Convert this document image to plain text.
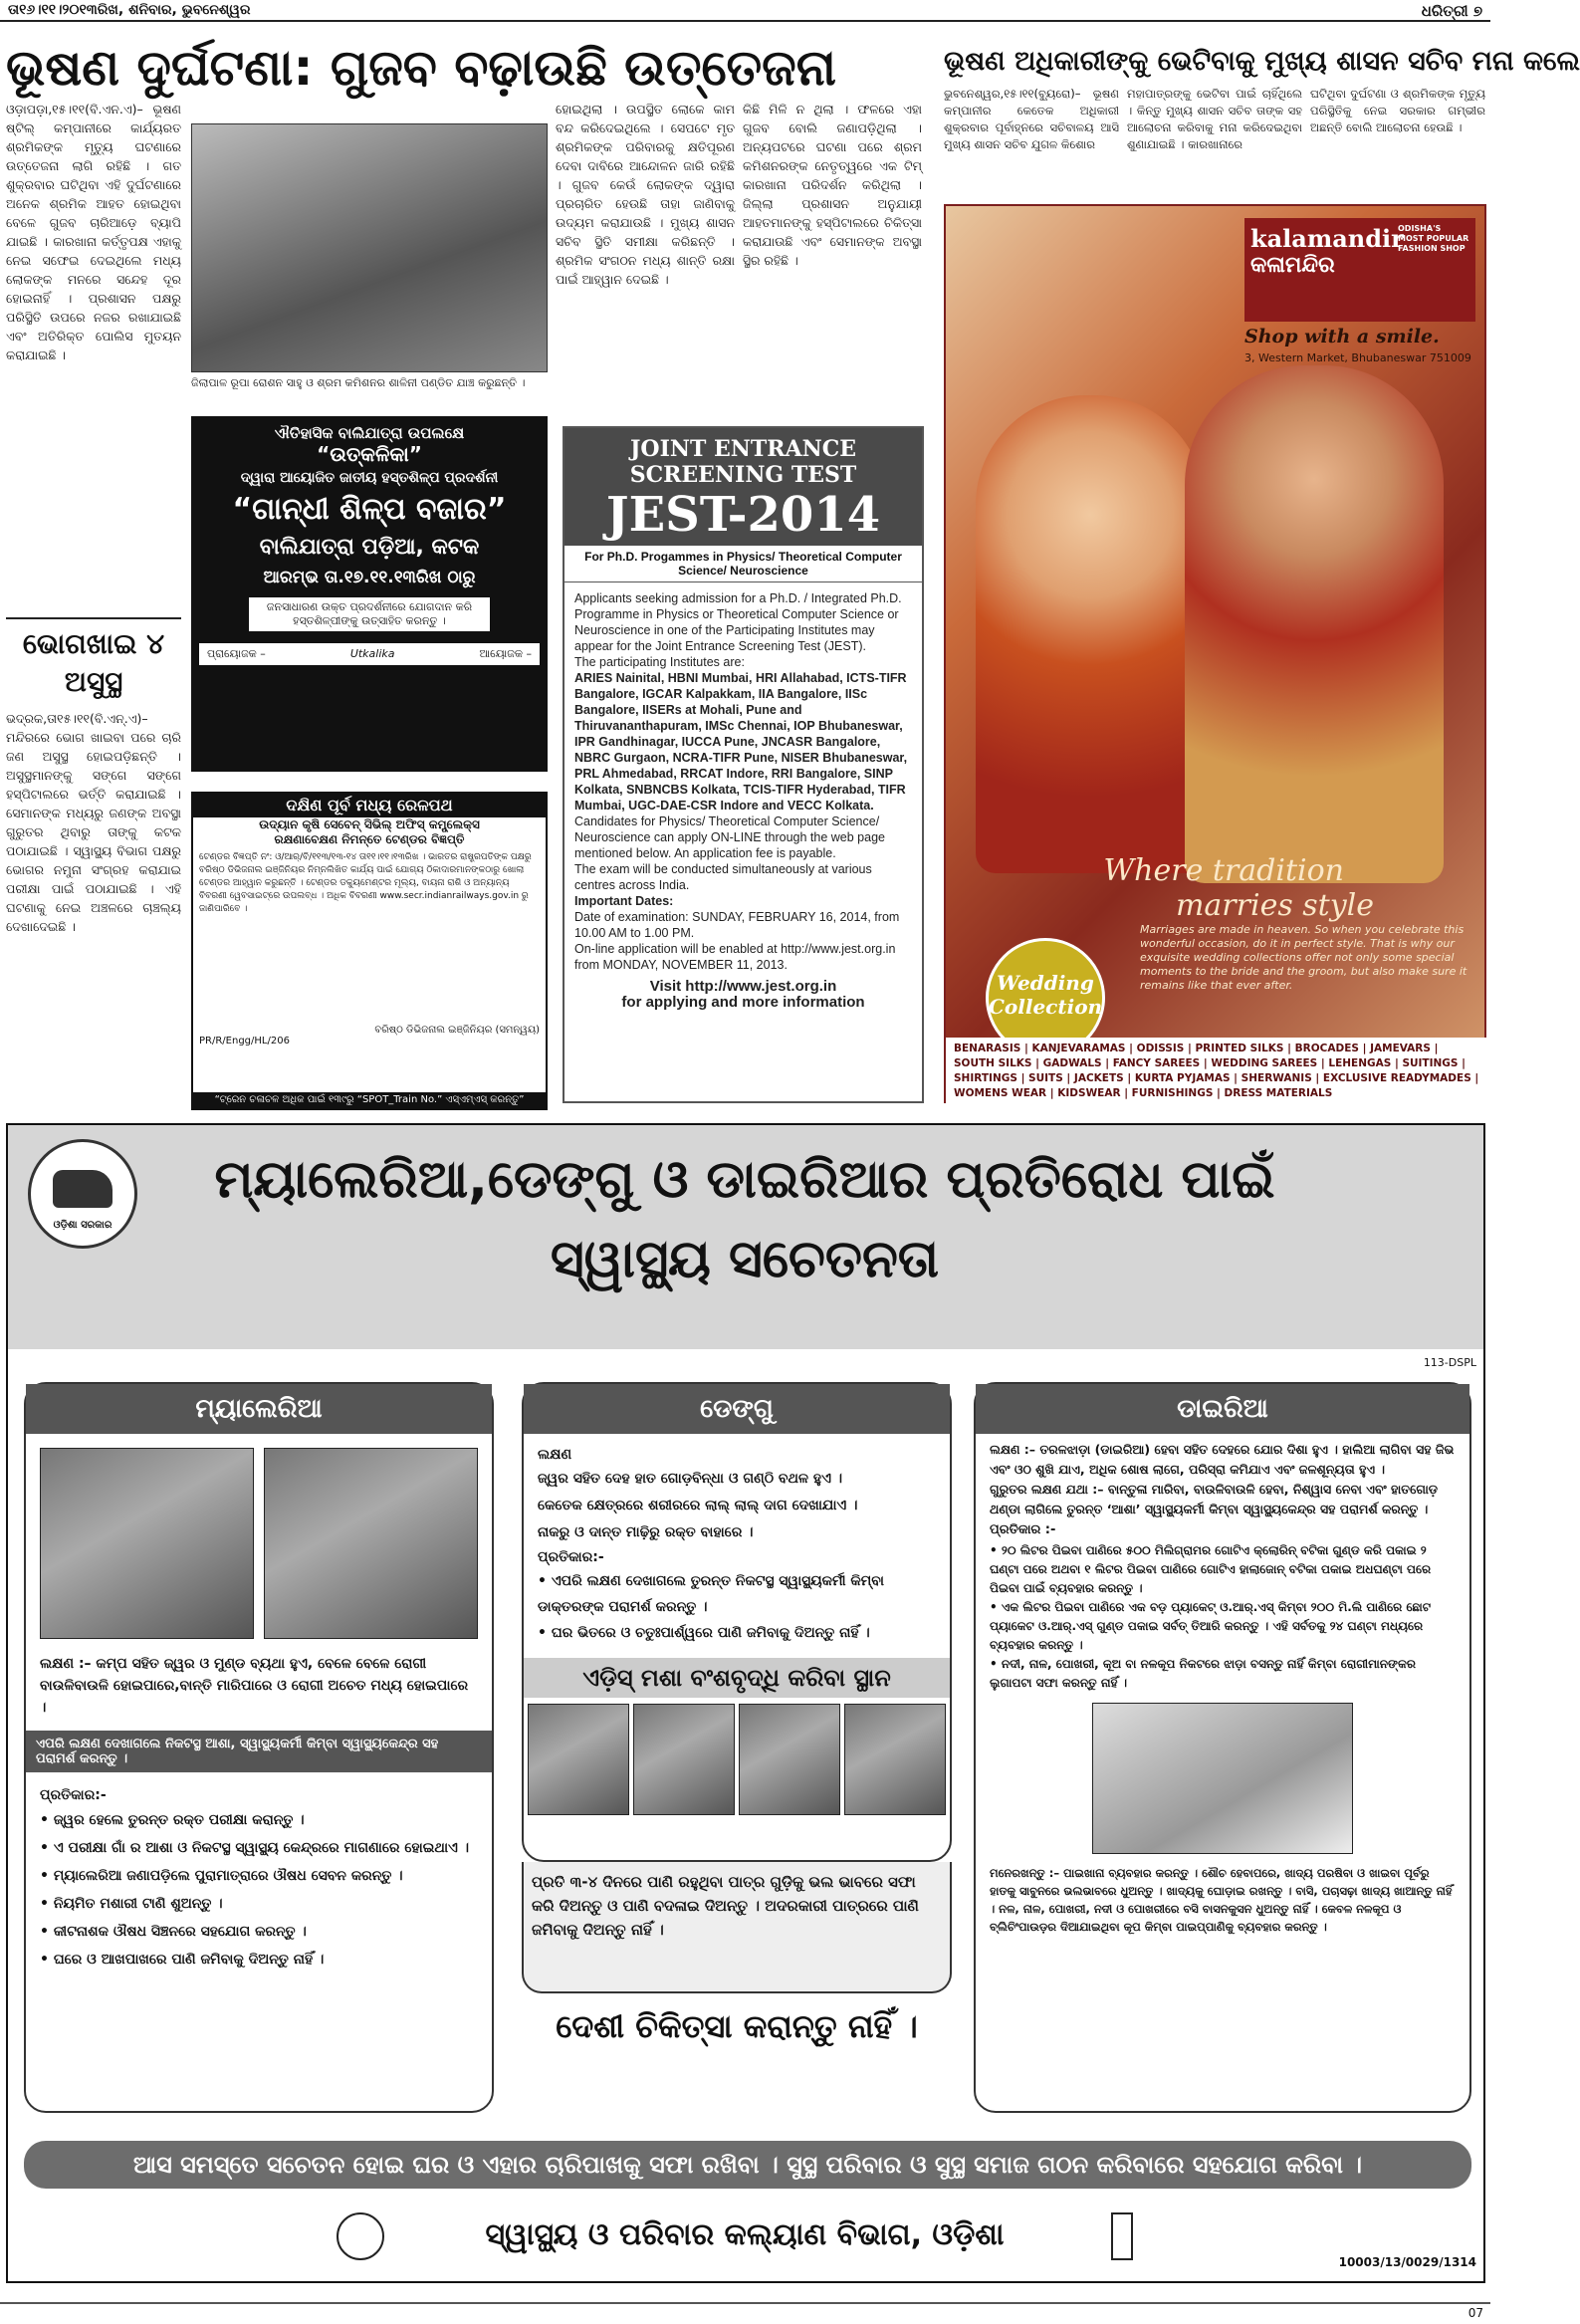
ତା୧୬।୧୧।୨୦୧୩ରିଖ, ଶନିବାର, ଭୁବନେଶ୍ୱର	ଧରିତ୍ରୀ ୭
ଭୂଷଣ ଦୁର୍ଘଟଣା: ଗୁଜବ ବଢ଼ାଉଛି ଉତ୍ତେଜନା
ଓଡ଼ାପଡ଼ା,୧୫।୧୧(ବି.ଏନ.ଏ)– ଭୂଷଣ ଷ୍ଟିଲ୍ କମ୍ପାନୀରେ କାର୍ଯ୍ୟରତ ଶ୍ରମିକଙ୍କ ମୃତ୍ୟୁ ଘଟଣାରେ ଉତ୍ତେଜନା ଲାଗି ରହିଛି । ଗତ ଶୁକ୍ରବାର ଘଟିଥିବା ଏହି ଦୁର୍ଘଟଣାରେ ଅନେକ ଶ୍ରମିକ ଆହତ ହୋଇଥିବା ବେଳେ ଗୁଜବ ଚାରିଆଡ଼େ ବ୍ୟାପି ଯାଇଛି । କାରଖାନା କର୍ତ୍ତୃପକ୍ଷ ଏହାକୁ ନେଇ ସଫେଇ ଦେଇଥିଲେ ମଧ୍ୟ ଲୋକଙ୍କ ମନରେ ସନ୍ଦେହ ଦୂର ହୋଇନାହିଁ । ପ୍ରଶାସନ ପକ୍ଷରୁ ପରିସ୍ଥିତି ଉପରେ ନଜର ରଖାଯାଇଛି ଏବଂ ଅତିରିକ୍ତ ପୋଲିସ ମୁତୟନ କରାଯାଇଛି ।
ଜିଲାପାଳ ରୂପା ରୋଶନ ସାହୁ ଓ ଶ୍ରମ କମିଶନର ଶାଳିନୀ ପଣ୍ଡିତ ଯାଞ୍ଚ କରୁଛନ୍ତି ।
ହୋଇଥିଲା । ଉପସ୍ଥିତ ଲୋକେ କାମ ବନ୍ଦ କରିଦେଇଥିଲେ । ସେପଟେ ମୃତ ଶ୍ରମିକଙ୍କ ପରିବାରକୁ କ୍ଷତିପୂରଣ ଦେବା ଦାବିରେ ଆନ୍ଦୋଳନ ଜାରି ରହିଛି । ଗୁଜବ କେଉଁ ଲୋକଙ୍କ ଦ୍ୱାରା ପ୍ରଚାରିତ ହେଉଛି ତାହା ଜାଣିବାକୁ ଉଦ୍ୟମ କରାଯାଉଛି । ମୁଖ୍ୟ ଶାସନ ସଚିବ ସ୍ଥିତି ସମୀକ୍ଷା କରିଛନ୍ତି । ଶ୍ରମିକ ସଂଗଠନ ମଧ୍ୟ ଶାନ୍ତି ରକ୍ଷା ପାଇଁ ଆହ୍ୱାନ ଦେଇଛି ।
କିଛି ମିଳି ନ ଥିଲା । ଫଳରେ ଏହା ଗୁଜବ ବୋଲି ଜଣାପଡ଼ିଥିଲା । ଅନ୍ୟପଟରେ ଘଟଣା ପରେ ଶ୍ରମ କମିଶନରଙ୍କ ନେତୃତ୍ୱରେ ଏକ ଟିମ୍ କାରଖାନା ପରିଦର୍ଶନ କରିଥିଲା । ଜିଲ୍ଲା ପ୍ରଶାସନ ଅନୁଯାୟୀ ଆହତମାନଙ୍କୁ ହସ୍ପିଟାଲରେ ଚିକିତ୍ସା କରାଯାଉଛି ଏବଂ ସେମାନଙ୍କ ଅବସ୍ଥା ସ୍ଥିର ରହିଛି ।
ଭୂଷଣ ଅଧିକାରୀଙ୍କୁ ଭେଟିବାକୁ ମୁଖ୍ୟ ଶାସନ ସଚିବ ମନା କଲେ
ଭୁବନେଶ୍ୱର,୧୫।୧୧(ବ୍ୟୁରୋ)– ଭୂଷଣ କମ୍ପାନୀର କେତେକ ଅଧିକାରୀ ଶୁକ୍ରବାର ପୂର୍ବାହ୍ନରେ ସଚିବାଳୟ ଆସି ମୁଖ୍ୟ ଶାସନ ସଚିବ ଯୁଗଳ କିଶୋର
ମହାପାତ୍ରଙ୍କୁ ଭେଟିବା ପାଇଁ ଚାହିଁଥିଲେ । କିନ୍ତୁ ମୁଖ୍ୟ ଶାସନ ସଚିବ ତାଙ୍କ ସହ ଆଲୋଚନା କରିବାକୁ ମନା କରିଦେଇଥିବା ଶୁଣାଯାଇଛି । କାରଖାନାରେ
ଘଟିଥିବା ଦୁର୍ଘଟଣା ଓ ଶ୍ରମିକଙ୍କ ମୃତ୍ୟୁ ପରିସ୍ଥିତିକୁ ନେଇ ସରକାର ଗମ୍ଭୀର ଅଛନ୍ତି ବୋଲି ଆଲୋଚନା ହେଉଛି ।
ଭୋଗଖାଇ ୪ ଅସୁସ୍ଥ
ଭଦ୍ରକ,ତା୧୫।୧୧(ବି.ଏନ୍.ଏ)– ମନ୍ଦିରରେ ଭୋଗ ଖାଇବା ପରେ ଚାରି ଜଣ ଅସୁସ୍ଥ ହୋଇପଡ଼ିଛନ୍ତି । ଅସୁସ୍ଥମାନଙ୍କୁ ସଙ୍ଗେ ସଙ୍ଗେ ହସ୍ପିଟାଲରେ ଭର୍ତ୍ତି କରାଯାଇଛି । ସେମାନଙ୍କ ମଧ୍ୟରୁ ଜଣଙ୍କ ଅବସ୍ଥା ଗୁରୁତର ଥିବାରୁ ତାଙ୍କୁ କଟକ ପଠାଯାଇଛି । ସ୍ୱାସ୍ଥ୍ୟ ବିଭାଗ ପକ୍ଷରୁ ଭୋଗର ନମୁନା ସଂଗ୍ରହ କରାଯାଇ ପରୀକ୍ଷା ପାଇଁ ପଠାଯାଇଛି । ଏହି ଘଟଣାକୁ ନେଇ ଅଞ୍ଚଳରେ ଚାଞ୍ଚଲ୍ୟ ଦେଖାଦେଇଛି ।
ଐତିହାସିକ ବାଲିଯାତ୍ରା ଉପଲକ୍ଷେ
“ଉତ୍କଳିକା”
ଦ୍ୱାରା ଆୟୋଜିତ ଜାତୀୟ ହସ୍ତଶିଳ୍ପ ପ୍ରଦର୍ଶନୀ
“ଗାନ୍ଧୀ ଶିଳ୍ପ ବଜାର”
ବାଲିଯାତ୍ରା ପଡ଼ିଆ, କଟକ
ଆରମ୍ଭ ତା.୧୭.୧୧.୧୩ରିଖ ଠାରୁ
ଜନସାଧାରଣ ଉକ୍ତ ପ୍ରଦର୍ଶନୀରେ ଯୋଗଦାନ କରି ହସ୍ତଶିଳ୍ପୀଙ୍କୁ ଉତ୍ସାହିତ କରନ୍ତୁ ।
ପ୍ରାୟୋଜକ –	Utkalika	ଆୟୋଜକ –
ଦକ୍ଷିଣ ପୂର୍ବ ମଧ୍ୟ ରେଳପଥ
ଉଦ୍ୟାନ କୃଷି ସେବେନ୍ ସିଭିଲ୍ ଅଫିସ୍ କମ୍ପ୍ଲେକ୍ସ
ରକ୍ଷଣାବେକ୍ଷଣ ନିମନ୍ତେ ଟେଣ୍ଡର ବିଜ୍ଞପ୍ତି
ଟେଣ୍ଡର ବିଜ୍ଞପ୍ତି ନଂ: ଓ/ଆର୍/ବି/୧୧୩/୧୩-୧୪ ତା୧୧।୧୧।୧୩ରିଖ । ଭାରତର ରାଷ୍ଟ୍ରପତିଙ୍କ ପକ୍ଷରୁ ବରିଷ୍ଠ ଡିଭିଜନାଲ ଇଞ୍ଜିନିୟର ନିମ୍ନଲିଖିତ କାର୍ଯ୍ୟ ପାଇଁ ଯୋଗ୍ୟ ଠିକାଦାରମାନଙ୍କଠାରୁ ଖୋଲା ଟେଣ୍ଡର ଆହ୍ୱାନ କରୁଛନ୍ତି । ଟେଣ୍ଡର ଡକ୍ୟୁମେଣ୍ଟର ମୂଲ୍ୟ, ବାୟନା ରାଶି ଓ ଅନ୍ୟାନ୍ୟ ବିବରଣୀ ୱେବସାଇଟ୍‌ରେ ଉପଲବ୍ଧ । ଅଧିକ ବିବରଣୀ www.secr.indianrailways.gov.in ରୁ ଜାଣିପାରିବେ ।
ବରିଷ୍ଠ ଡିଭିଜନାଲ ଇଞ୍ଜିନିୟର (ସମନ୍ୱୟ)
PR/R/Engg/HL/206
“ଟ୍ରେନ ଚଳାଚଳ ଅଧିକ ପାଇଁ ୧୩୯ରୁ “SPOT_Train No.” ଏସ୍‌ଏମ୍‌ଏସ୍ କରନ୍ତୁ”
JOINT ENTRANCE
SCREENING TEST
JEST-2014
For Ph.D. Progammes in Physics/ Theoretical Computer Science/ Neuroscience
Applicants seeking admission for a Ph.D. / Integrated Ph.D. Programme in Physics or Theoretical Computer Science or Neuroscience in one of the Participating Institutes may appear for the Joint Entrance Screening Test (JEST).
The participating Institutes are:
ARIES Nainital, HBNI Mumbai, HRI Allahabad, ICTS-TIFR Bangalore, IGCAR Kalpakkam, IIA Bangalore, IISc Bangalore, IISERs at Mohali, Pune and Thiruvananthapuram, IMSc Chennai, IOP Bhubaneswar, IPR Gandhinagar, IUCCA Pune, JNCASR Bangalore, NBRC Gurgaon, NCRA-TIFR Pune, NISER Bhubaneswar, PRL Ahmedabad, RRCAT Indore, RRI Bangalore, SINP Kolkata, SNBNCBS Kolkata, TCIS-TIFR Hyderabad, TIFR Mumbai, UGC-DAE-CSR Indore and VECC Kolkata.
Candidates for Physics/ Theoretical Computer Science/ Neuroscience can apply ON-LINE through the web page mentioned below. An application fee is payable.
The exam will be conducted simultaneously at various centres across India.
Important Dates:
Date of examination: SUNDAY, FEBRUARY 16, 2014, from 10.00 AM to 1.00 PM.
On-line application will be enabled at http://www.jest.org.in from MONDAY, NOVEMBER 11, 2013.
Visit http://www.jest.org.in
for applying and more information
kalamandir
କଳାମନ୍ଦିର
ODISHA'S MOST POPULAR FASHION SHOP
Shop with a smile.
3, Western Market, Bhubaneswar 751009
Where tradition
marries style
Wedding Collection
Marriages are made in heaven. So when you celebrate this wonderful occasion, do it in perfect style. That is why our exquisite wedding collections offer not only some special moments to the bride and the groom, but also make sure it remains like that ever after.
BENARASIS | KANJEVARAMAS | ODISSIS | PRINTED SILKS | BROCADES | JAMEVARS | SOUTH SILKS | GADWALS | FANCY SAREES | WEDDING SAREES | LEHENGAS | SUITINGS | SHIRTINGS | SUITS | JACKETS | KURTA PYJAMAS | SHERWANIS | EXCLUSIVE READYMADES | WOMENS WEAR | KIDSWEAR | FURNISHINGS | DRESS MATERIALS
ଓଡ଼ିଶା ସରକାର
ମ୍ୟାଲେରିଆ,ଡେଙ୍ଗୁ ଓ ଡାଇରିଆର ପ୍ରତିରୋଧ ପାଇଁ
ସ୍ୱାସ୍ଥ୍ୟ ସଚେତନତା
113-DSPL
ମ୍ୟାଲେରିଆ
ଲକ୍ଷଣ :– କମ୍ପ ସହିତ ଜ୍ୱର ଓ ମୁଣ୍ଡ ବ୍ୟଥା ହୁଏ, ବେଳେ ବେଳେ ରୋଗୀ ବାଉଳିବାଉଳି ହୋଇପାରେ,ବାନ୍ତି ମାରିପାରେ ଓ ରୋଗୀ ଅଚେତ ମଧ୍ୟ ହୋଇପାରେ ।
ଏପରି ଲକ୍ଷଣ ଦେଖାଗଲେ ନିକଟସ୍ଥ ଆଶା, ସ୍ୱାସ୍ଥ୍ୟକର୍ମୀ କିମ୍ବା ସ୍ୱାସ୍ଥ୍ୟକେନ୍ଦ୍ର ସହ ପରାମର୍ଶ କରନ୍ତୁ ।
ପ୍ରତିକାର:-
• ଜ୍ୱର ହେଲେ ତୁରନ୍ତ ରକ୍ତ ପରୀକ୍ଷା କରାନ୍ତୁ ।
• ଏ ପରୀକ୍ଷା ଗାଁ ର ଆଶା ଓ ନିକଟସ୍ଥ ସ୍ୱାସ୍ଥ୍ୟ କେନ୍ଦ୍ରରେ ମାଗଣାରେ ହୋଇଥାଏ ।
• ମ୍ୟାଲେରିଆ ଜଣାପଡ଼ିଲେ ପୁରାମାତ୍ରାରେ ଔଷଧ ସେବନ କରନ୍ତୁ ।
• ନିୟମିତ ମଶାରୀ ଟାଣି ଶୁଅନ୍ତୁ ।
• କୀଟନାଶକ ଔଷଧ ସିଞ୍ଚନରେ ସହଯୋଗ କରନ୍ତୁ ।
• ଘରେ ଓ ଆଖପାଖରେ ପାଣି ଜମିବାକୁ ଦିଅନ୍ତୁ ନାହିଁ ।
ଡେଙ୍ଗୁ
ଲକ୍ଷଣ
ଜ୍ୱର ସହିତ ଦେହ ହାତ ଗୋଡ଼ବିନ୍ଧା ଓ ଗଣ୍ଠି ବଥଳ ହୁଏ ।
କେତେକ କ୍ଷେତ୍ରରେ ଶରୀରରେ ଲାଲ୍ ଲାଲ୍ ଦାଗ ଦେଖାଯାଏ ।
ନାକରୁ ଓ ଦାନ୍ତ ମାଢ଼ିରୁ ରକ୍ତ ବାହାରେ ।
ପ୍ରତିକାର:-
• ଏପରି ଲକ୍ଷଣ ଦେଖାଗଲେ ତୁରନ୍ତ ନିକଟସ୍ଥ ସ୍ୱାସ୍ଥ୍ୟକର୍ମୀ କିମ୍ବା ଡାକ୍ତରଙ୍କ ପରାମର୍ଶ କରନ୍ତୁ ।
• ଘର ଭିତରେ ଓ ଚତୁଃପାର୍ଶ୍ୱରେ ପାଣି ଜମିବାକୁ ଦିଅନ୍ତୁ ନାହିଁ ।
ଏଡ଼ିସ୍ ମଶା ବଂଶବୃଦ୍ଧି କରିବା ସ୍ଥାନ
ପ୍ରତି ୩-୪ ଦିନରେ ପାଣି ରହୁଥିବା ପାତ୍ର ଗୁଡ଼ିକୁ ଭଲ ଭାବରେ ସଫା କରି ଦିଅନ୍ତୁ ଓ ପାଣି ବଦଳାଇ ଦିଅନ୍ତୁ । ଅଦରକାରୀ ପାତ୍ରରେ ପାଣି ଜମିବାକୁ ଦିଅନ୍ତୁ ନାହିଁ ।
ଦେଶୀ ଚିକିତ୍ସା କରାନ୍ତୁ ନାହିଁ ।
ଡାଇରିଆ
ଲକ୍ଷଣ :– ତରଳଝାଡ଼ା (ଡାଇରିଆ) ହେବା ସହିତ ଦେହରେ ଯୋର ଦିଶା ହୁଏ । ହାଲିଆ ଲାଗିବା ସହ ଜିଭ ଏବଂ ଓଠ ଶୁଖି ଯାଏ, ଅଧିକ ଶୋଷ ଲାଗେ, ପରିସ୍ରା କମିଯାଏ ଏବଂ ଜଳଶୂନ୍ୟତା ହୁଏ ।
ଗୁରୁତର ଲକ୍ଷଣ ଯଥା :– ବାନ୍ତୁଳା ମାରିବା, ବାଉଳିବାଉଳି ହେବା, ନିଶ୍ୱାସ ନେବା ଏବଂ ହାତଗୋଡ଼ ଥଣ୍ଡା ଲାଗିଲେ ତୁରନ୍ତ ‘ଆଶା’ ସ୍ୱାସ୍ଥ୍ୟକର୍ମୀ କିମ୍ବା ସ୍ୱାସ୍ଥ୍ୟକେନ୍ଦ୍ର ସହ ପରାମର୍ଶ କରନ୍ତୁ ।
ପ୍ରତିକାର :-
• ୨୦ ଲିଟର ପିଇବା ପାଣିରେ ୫୦୦ ମିଲିଗ୍ରାମର ଗୋଟିଏ କ୍ଲୋରିନ୍ ବଟିକା ଗୁଣ୍ଡ କରି ପକାଇ ୨ ଘଣ୍ଟା ପରେ ଅଥବା ୧ ଲିଟର ପିଇବା ପାଣିରେ ଗୋଟିଏ ହାଲାଜୋନ୍ ବଟିକା ପକାଇ ଅଧଘଣ୍ଟା ପରେ ପିଇବା ପାଇଁ ବ୍ୟବହାର କରନ୍ତୁ ।
• ଏକ ଲିଟର ପିଇବା ପାଣିରେ ଏକ ବଡ଼ ପ୍ୟାକେଟ୍ ଓ.ଆର୍.ଏସ୍ କିମ୍ବା ୨୦୦ ମି.ଲି ପାଣିରେ ଛୋଟ ପ୍ୟାକେଟ ଓ.ଆର୍.ଏସ୍ ଗୁଣ୍ଡ ପକାଇ ସର୍ବତ୍ ତିଆରି କରନ୍ତୁ । ଏହି ସର୍ବତକୁ ୨୪ ଘଣ୍ଟା ମଧ୍ୟରେ ବ୍ୟବହାର କରନ୍ତୁ ।
• ନଦୀ, ନାଳ, ପୋଖରୀ, କୂଅ ବା ନଳକୂପ ନିକଟରେ ଝାଡ଼ା ବସନ୍ତୁ ନାହିଁ କିମ୍ବା ରୋଗୀମାନଙ୍କର ଲୁଗାପଟା ସଫା କରନ୍ତୁ ନାହିଁ ।
ମନେରଖନ୍ତୁ :– ପାଇଖାନା ବ୍ୟବହାର କରନ୍ତୁ । ଶୌଚ ହେବାପରେ, ଖାଦ୍ୟ ପରଷିବା ଓ ଖାଇବା ପୂର୍ବରୁ ହାତକୁ ସାବୁନରେ ଭଲଭାବରେ ଧୁଅନ୍ତୁ । ଖାଦ୍ୟକୁ ଘୋଡ଼ାଇ ରଖନ୍ତୁ । ବାସି, ପଚାସଢ଼ା ଖାଦ୍ୟ ଖାଆନ୍ତୁ ନାହିଁ । ନଳ, ନାଳ, ପୋଖରୀ, ନଦୀ ଓ ପୋଖରୀରେ ବସି ବାସନକୁସନ ଧୁଅନ୍ତୁ ନାହିଁ । କେବଳ ନଳକୂପ ଓ ବ୍ଲିଚିଂପାଉଡ଼ର ଦିଆଯାଇଥିବା କୂପ କିମ୍ବା ପାଇପ୍‌ପାଣିକୁ ବ୍ୟବହାର କରନ୍ତୁ ।
ଆସ ସମସ୍ତେ ସଚେତନ ହୋଇ ଘର ଓ ଏହାର ଚାରିପାଖକୁ ସଫା ରଖିବା । ସୁସ୍ଥ ପରିବାର ଓ ସୁସ୍ଥ ସମାଜ ଗଠନ କରିବାରେ ସହଯୋଗ କରିବା ।
ସ୍ୱାସ୍ଥ୍ୟ ଓ ପରିବାର କଲ୍ୟାଣ ବିଭାଗ, ଓଡ଼ିଶା
10003/13/0029/1314
07
